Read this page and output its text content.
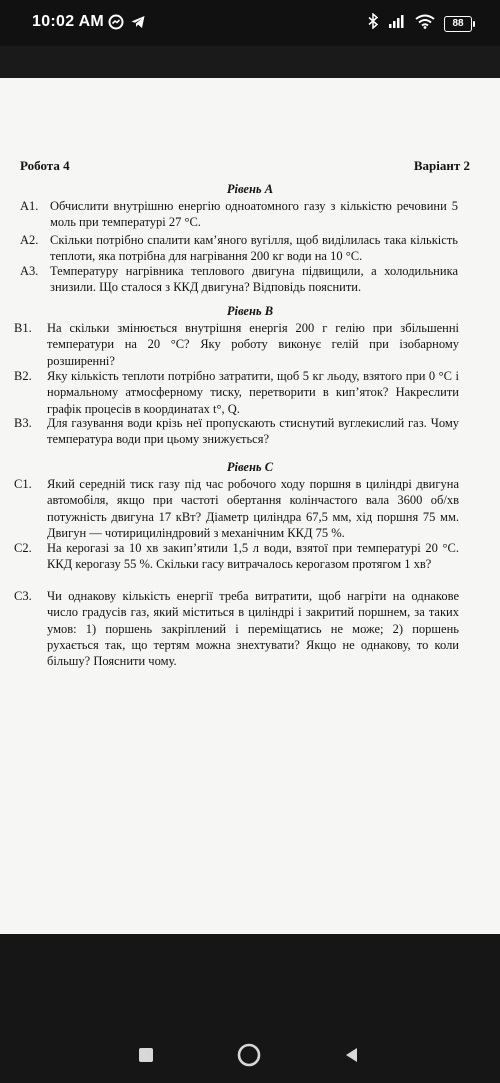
10:02 AM	88
Робота 4	Варіант 2
Рівень А
A1. Обчислити внутрішню енергію одноатомного газу з кількістю речовини 5 моль при температурі 27 °С.
A2. Скільки потрібно спалити кам’яного вугілля, щоб виділилась така кількість теплоти, яка потрібна для нагрівання 200 кг води на 10 °С.
A3. Температуру нагрівника теплового двигуна підвищили, а холодильника знизили. Що сталося з ККД двигуна? Відповідь пояснити.
Рівень В
B1.	На скільки змінюється внутрішня енергія 200 г гелію при збільшенні температури на 20 °С? Яку роботу виконує гелій при ізобарному розширенні?
B2.	Яку кількість теплоти потрібно затратити, щоб 5 кг льоду, взятого при 0 °С і нормальному атмосферному тиску, перетворити в кип’яток? Накреслити графік процесів в координатах t°, Q.
B3.	Для газування води крізь неї пропускають стиснутий вуглекислий газ. Чому температура води при цьому знижується?
Рівень С
C1.	Який середній тиск газу під час робочого ходу поршня в циліндрі двигуна автомобіля, якщо при частоті обертання колінчастого вала 3600 об/хв потужність двигуна 17 кВт? Діаметр циліндра 67,5 мм, хід поршня 75 мм. Двигун — чотирициліндровий з механічним ККД 75 %.
C2.	На керогазі за 10 хв закип’ятили 1,5 л води, взятої при температурі 20 °С. ККД керогазу 55 %. Скільки гасу витрачалось керогазом протягом 1 хв?
C3.	Чи однакову кількість енергії треба витратити, щоб нагріти на однакове число градусів газ, який міститься в циліндрі і закритий поршнем, за таких умов: 1) поршень закріплений і переміщатись не може; 2) поршень рухається так, що тертям можна знехтувати? Якщо не однакову, то коли більшу? Пояснити чому.
